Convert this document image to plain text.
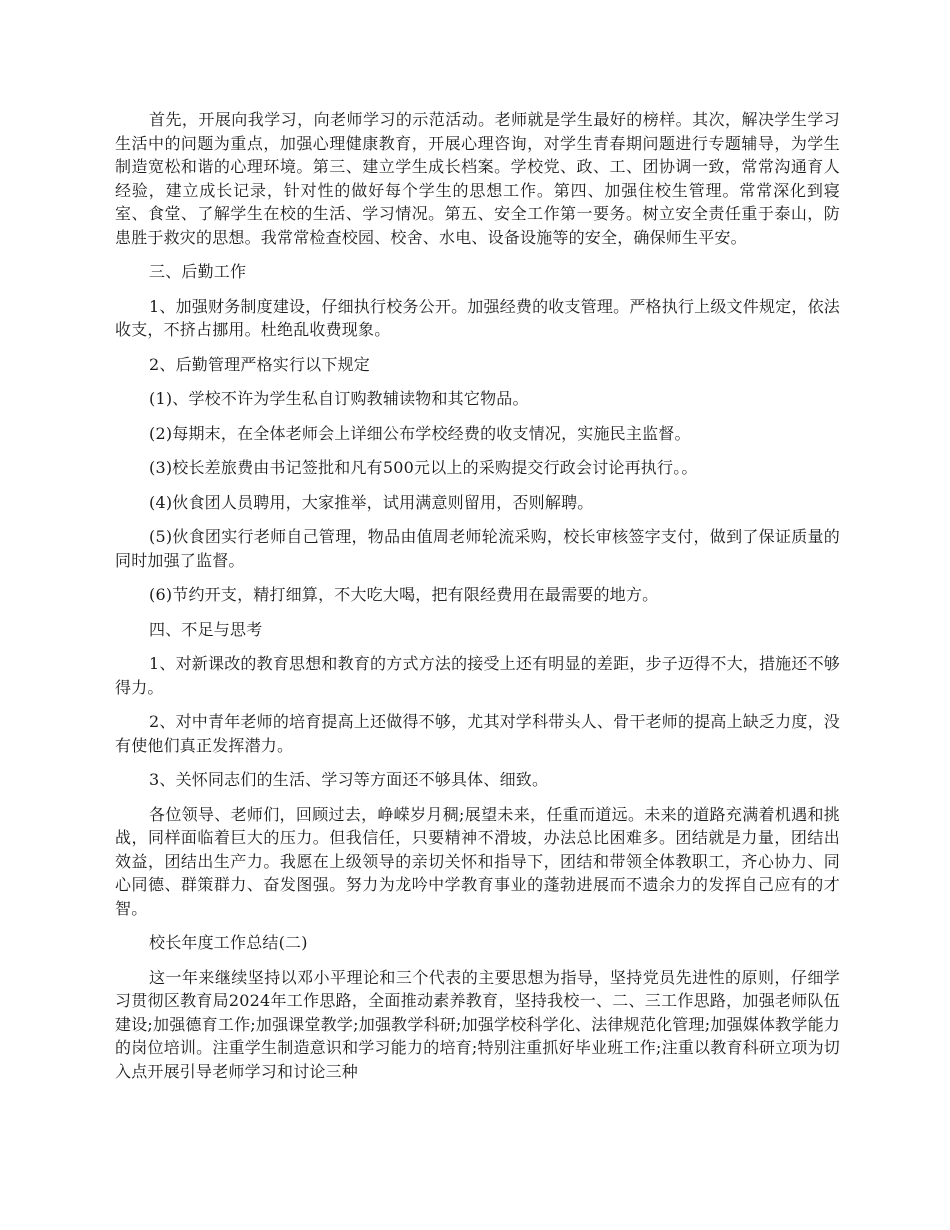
首先，开展向我学习，向老师学习的示范活动。老师就是学生最好的榜样。其次，解决学生学习生活中的问题为重点，加强心理健康教育，开展心理咨询，对学生青春期问题进行专题辅导，为学生制造宽松和谐的心理环境。第三、建立学生成长档案。学校党、政、工、团协调一致，常常沟通育人经验，建立成长记录，针对性的做好每个学生的思想工作。第四、加强住校生管理。常常深化到寝室、食堂、了解学生在校的生活、学习情况。第五、安全工作第一要务。树立安全责任重于泰山，防患胜于救灾的思想。我常常检查校园、校舍、水电、设备设施等的安全，确保师生平安。

三、后勤工作

1、加强财务制度建设，仔细执行校务公开。加强经费的收支管理。严格执行上级文件规定，依法收支，不挤占挪用。杜绝乱收费现象。

2、后勤管理严格实行以下规定

(1)、学校不许为学生私自订购教辅读物和其它物品。

(2)每期末，在全体老师会上详细公布学校经费的收支情况，实施民主监督。

(3)校长差旅费由书记签批和凡有500元以上的采购提交行政会讨论再执行。。

(4)伙食团人员聘用，大家推举，试用满意则留用，否则解聘。

(5)伙食团实行老师自己管理，物品由值周老师轮流采购，校长审核签字支付，做到了保证质量的同时加强了监督。

(6)节约开支，精打细算，不大吃大喝，把有限经费用在最需要的地方。

四、不足与思考

1、对新课改的教育思想和教育的方式方法的接受上还有明显的差距，步子迈得不大，措施还不够得力。

2、对中青年老师的培育提高上还做得不够，尤其对学科带头人、骨干老师的提高上缺乏力度，没有使他们真正发挥潜力。

3、关怀同志们的生活、学习等方面还不够具体、细致。

各位领导、老师们，回顾过去，峥嵘岁月稠;展望未来，任重而道远。未来的道路充满着机遇和挑战，同样面临着巨大的压力。但我信任，只要精神不滑坡，办法总比困难多。团结就是力量，团结出效益，团结出生产力。我愿在上级领导的亲切关怀和指导下，团结和带领全体教职工，齐心协力、同心同德、群策群力、奋发图强。努力为龙吟中学教育事业的蓬勃进展而不遗余力的发挥自己应有的才智。

校长年度工作总结(二)

这一年来继续坚持以邓小平理论和三个代表的主要思想为指导，坚持党员先进性的原则，仔细学习贯彻区教育局2024年工作思路，全面推动素养教育，坚持我校一、二、三工作思路，加强老师队伍建设;加强德育工作;加强课堂教学;加强教学科研;加强学校科学化、法律规范化管理;加强媒体教学能力的岗位培训。注重学生制造意识和学习能力的培育;特别注重抓好毕业班工作;注重以教育科研立项为切入点开展引导老师学习和讨论三种
